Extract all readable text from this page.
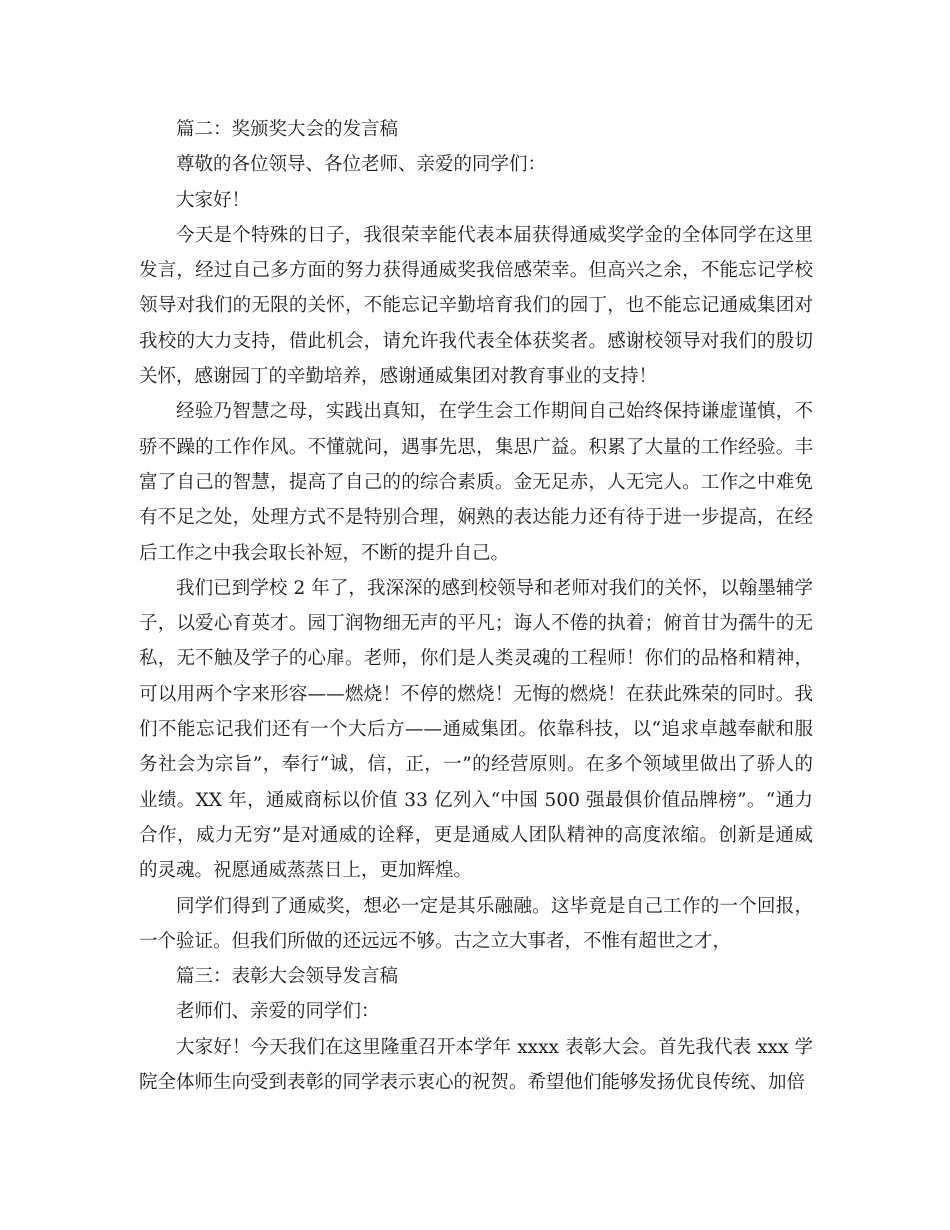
篇二：奖颁奖大会的发言稿

尊敬的各位领导、各位老师、亲爱的同学们：

大家好！

今天是个特殊的日子，我很荣幸能代表本届获得通威奖学金的全体同学在这里发言，经过自己多方面的努力获得通威奖我倍感荣幸。但高兴之余，不能忘记学校领导对我们的无限的关怀，不能忘记辛勤培育我们的园丁，也不能忘记通威集团对我校的大力支持，借此机会，请允许我代表全体获奖者。感谢校领导对我们的殷切关怀，感谢园丁的辛勤培养，感谢通威集团对教育事业的支持！

经验乃智慧之母，实践出真知，在学生会工作期间自己始终保持谦虚谨慎，不骄不躁的工作作风。不懂就问，遇事先思，集思广益。积累了大量的工作经验。丰富了自己的智慧，提高了自己的的综合素质。金无足赤，人无完人。工作之中难免有不足之处，处理方式不是特别合理，娴熟的表达能力还有待于进一步提高，在经后工作之中我会取长补短，不断的提升自己。

我们已到学校 2 年了，我深深的感到校领导和老师对我们的关怀，以翰墨辅学子，以爱心育英才。园丁润物细无声的平凡；诲人不倦的执着；俯首甘为孺牛的无私，无不触及学子的心扉。老师，你们是人类灵魂的工程师！你们的品格和精神，可以用两个字来形容——燃烧！不停的燃烧！无悔的燃烧！在获此殊荣的同时。我们不能忘记我们还有一个大后方——通威集团。依靠科技，以“追求卓越奉献和服务社会为宗旨”，奉行“诚，信，正，一”的经营原则。在多个领域里做出了骄人的业绩。XX 年，通威商标以价值 33 亿列入“中国 500 强最俱价值品牌榜”。“通力合作，威力无穷”是对通威的诠释，更是通威人团队精神的高度浓缩。创新是通威的灵魂。祝愿通威蒸蒸日上，更加辉煌。

同学们得到了通威奖，想必一定是其乐融融。这毕竟是自己工作的一个回报，一个验证。但我们所做的还远远不够。古之立大事者，不惟有超世之才，

篇三：表彰大会领导发言稿

老师们、亲爱的同学们：

大家好！今天我们在这里隆重召开本学年 xxxx 表彰大会。首先我代表 xxx 学院全体师生向受到表彰的同学表示衷心的祝贺。希望他们能够发扬优良传统、加倍
